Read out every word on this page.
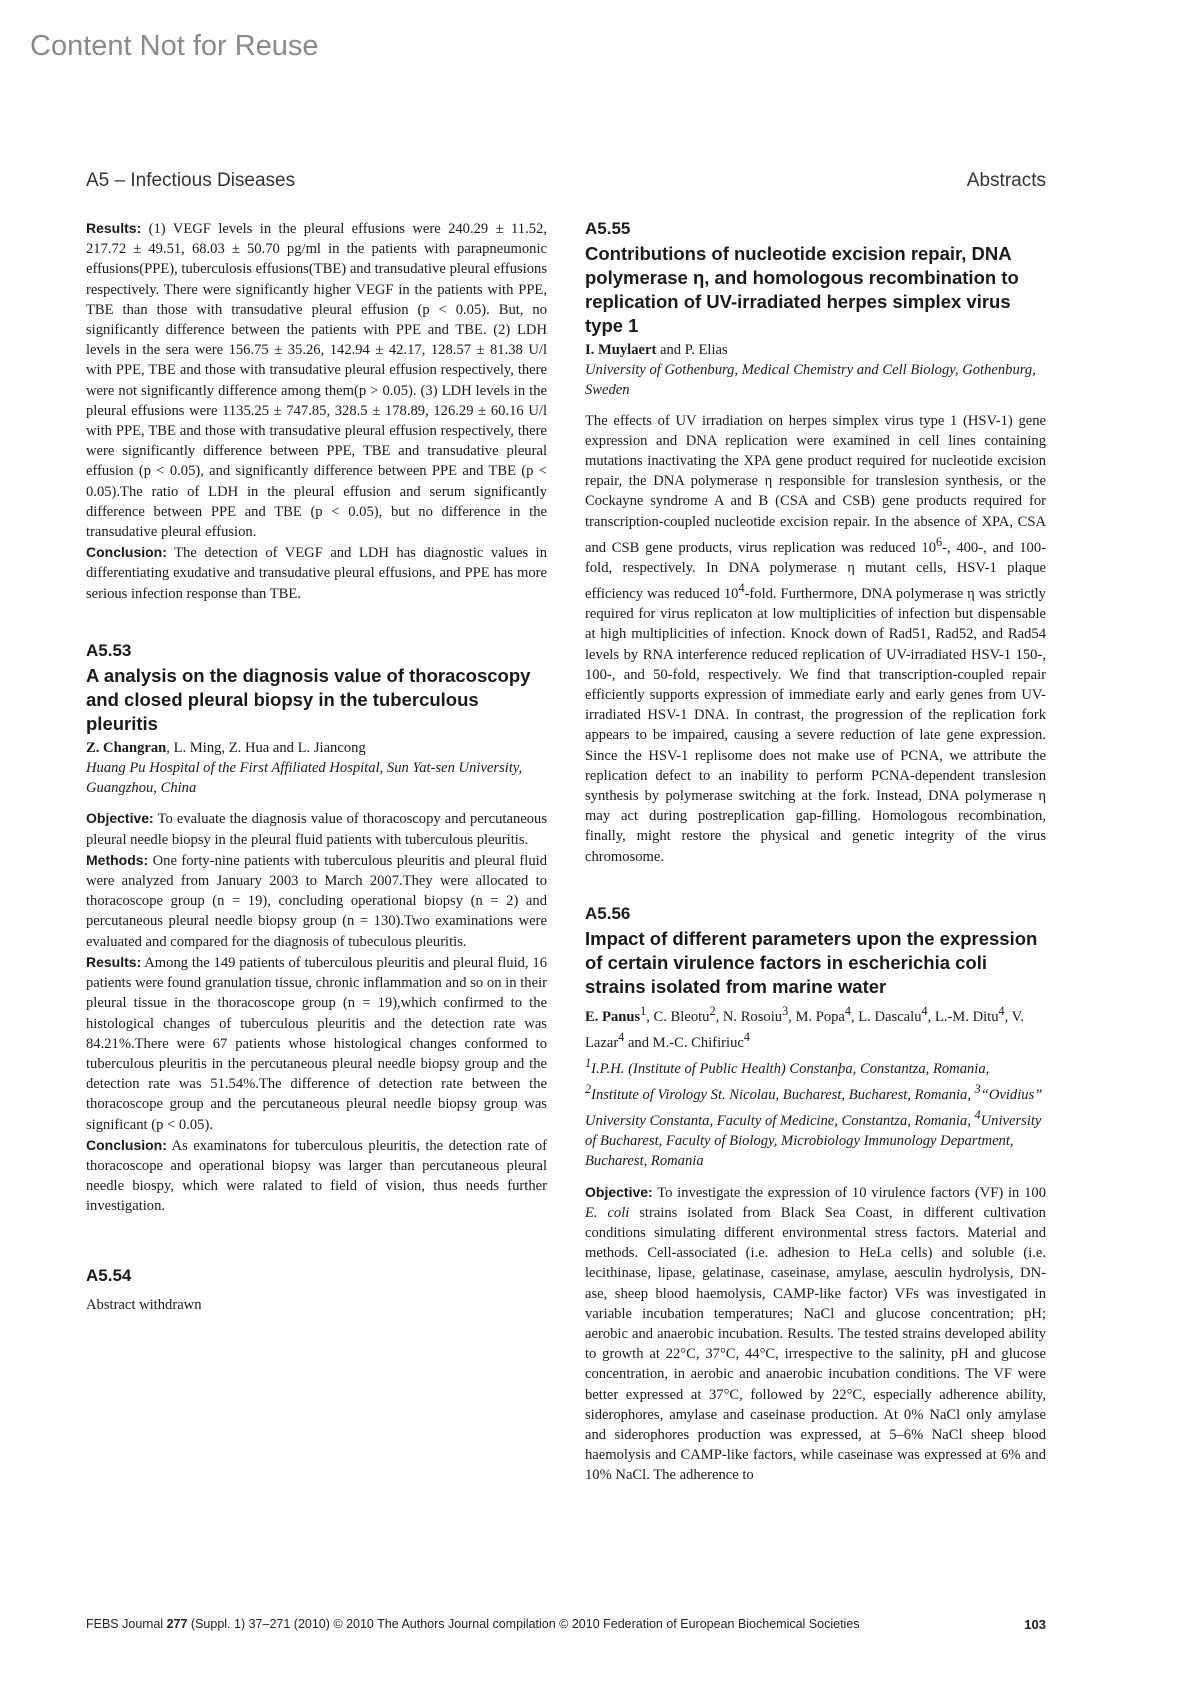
Content Not for Reuse
A5 – Infectious Diseases	Abstracts

Results: (1) VEGF levels in the pleural effusions were 240.29 ± 11.52, 217.72 ± 49.51, 68.03 ± 50.70 pg/ml in the patients with parapneumonic effusions(PPE), tuberculosis effusions(TBE) and transudative pleural effusions respectively. There were significantly higher VEGF in the patients with PPE, TBE than those with transudative pleural effusion (p < 0.05). But, no significantly difference between the patients with PPE and TBE. (2) LDH levels in the sera were 156.75 ± 35.26, 142.94 ± 42.17, 128.57 ± 81.38 U/l with PPE, TBE and those with transudative pleural effusion respectively, there were not significantly difference among them(p > 0.05). (3) LDH levels in the pleural effusions were 1135.25 ± 747.85, 328.5 ± 178.89, 126.29 ± 60.16 U/l with PPE, TBE and those with transudative pleural effusion respectively, there were significantly difference between PPE, TBE and transudative pleural effusion (p < 0.05), and significantly difference between PPE and TBE (p < 0.05).The ratio of LDH in the pleural effusion and serum significantly difference between PPE and TBE (p < 0.05), but no difference in the transudative pleural effusion.

Conclusion: The detection of VEGF and LDH has diagnostic values in differentiating exudative and transudative pleural effusions, and PPE has more serious infection response than TBE.

A5.53

A analysis on the diagnosis value of thoracoscopy and closed pleural biopsy in the tuberculous pleuritis

Z. Changran, L. Ming, Z. Hua and L. Jiancong

Huang Pu Hospital of the First Affiliated Hospital, Sun Yat-sen University, Guangzhou, China

Objective: To evaluate the diagnosis value of thoracoscopy and percutaneous pleural needle biopsy in the pleural fluid patients with tuberculous pleuritis.

Methods: One forty-nine patients with tuberculous pleuritis and pleural fluid were analyzed from January 2003 to March 2007.They were allocated to thoracoscope group (n = 19), concluding operational biopsy (n = 2) and percutaneous pleural needle biopsy group (n = 130).Two examinations were evaluated and compared for the diagnosis of tubeculous pleuritis.

Results: Among the 149 patients of tuberculous pleuritis and pleural fluid, 16 patients were found granulation tissue, chronic inflammation and so on in their pleural tissue in the thoracoscope group (n = 19),which confirmed to the histological changes of tuberculous pleuritis and the detection rate was 84.21%.There were 67 patients whose histological changes conformed to tuberculous pleuritis in the percutaneous pleural needle biopsy group and the detection rate was 51.54%.The difference of detection rate between the thoracoscope group and the percutaneous pleural needle biopsy group was significant (p < 0.05).

Conclusion: As examinatons for tuberculous pleuritis, the detection rate of thoracoscope and operational biopsy was larger than percutaneous pleural needle biospy, which were ralated to field of vision, thus needs further investigation.

A5.54

Abstract withdrawn

A5.55

Contributions of nucleotide excision repair, DNA polymerase η, and homologous recombination to replication of UV-irradiated herpes simplex virus type 1

I. Muylaert and P. Elias

University of Gothenburg, Medical Chemistry and Cell Biology, Gothenburg, Sweden

The effects of UV irradiation on herpes simplex virus type 1 (HSV-1) gene expression and DNA replication were examined in cell lines containing mutations inactivating the XPA gene product required for nucleotide excision repair, the DNA polymerase η responsible for translesion synthesis, or the Cockayne syndrome A and B (CSA and CSB) gene products required for transcription-coupled nucleotide excision repair. In the absence of XPA, CSA and CSB gene products, virus replication was reduced $10^6-$, 400-, and 100-fold, respectively. In DNA polymerase η mutant cells, HSV-1 plaque efficiency was reduced $10^4$-fold. Furthermore, DNA polymerase η was strictly required for virus replicaton at low multiplicities of infection but dispensable at high multiplicities of infection. Knock down of Rad51, Rad52, and Rad54 levels by RNA interference reduced replication of UV-irradiated HSV-1 150-, 100-, and 50-fold, respectively. We find that transcription-coupled repair efficiently supports expression of immediate early and early genes from UV-irradiated HSV-1 DNA. In contrast, the progression of the replication fork appears to be impaired, causing a severe reduction of late gene expression. Since the HSV-1 replisome does not make use of PCNA, we attribute the replication defect to an inability to perform PCNA-dependent translesion synthesis by polymerase switching at the fork. Instead, DNA polymerase η may act during postreplication gap-filling. Homologous recombination, finally, might restore the physical and genetic integrity of the virus chromosome.

A5.56

Impact of different parameters upon the expression of certain virulence factors in escherichia coli strains isolated from marine water

E. Panus$^1$, C. Bleotu$^2$, N. Rosoiu$^3$, M. Popa$^4$, L. Dascalu$^4$, L.-M. Ditu$^4$, V. Lazar$^4$ and M.-C. Chifiriuc$^4$

$^1$I.P.H. (Institute of Public Health) Constanþa, Constantza, Romania, $^2$Institute of Virology St. Nicolau, Bucharest, Bucharest, Romania, $^3$“Ovidius” University Constanta, Faculty of Medicine, Constantza, Romania, $^4$University of Bucharest, Faculty of Biology, Microbiology Immunology Department, Bucharest, Romania

Objective: To investigate the expression of 10 virulence factors (VF) in 100 E. coli strains isolated from Black Sea Coast, in different cultivation conditions simulating different environmental stress factors. Material and methods. Cell-associated (i.e. adhesion to HeLa cells) and soluble (i.e. lecithinase, lipase, gelatinase, caseinase, amylase, aesculin hydrolysis, DN-ase, sheep blood haemolysis, CAMP-like factor) VFs was investigated in variable incubation temperatures; NaCl and glucose concentration; pH; aerobic and anaerobic incubation. Results. The tested strains developed ability to growth at 22°C, 37°C, 44°C, irrespective to the salinity, pH and glucose concentration, in aerobic and anaerobic incubation conditions. The VF were better expressed at 37°C, followed by 22°C, especially adherence ability, siderophores, amylase and caseinase production. At 0% NaCl only amylase and siderophores production was expressed, at 5–6% NaCl sheep blood haemolysis and CAMP-like factors, while caseinase was expressed at 6% and 10% NaCl. The adherence to

FEBS Journal 277 (Suppl. 1) 37–271 (2010) © 2010 The Authors Journal compilation © 2010 Federation of European Biochemical Societies	103
